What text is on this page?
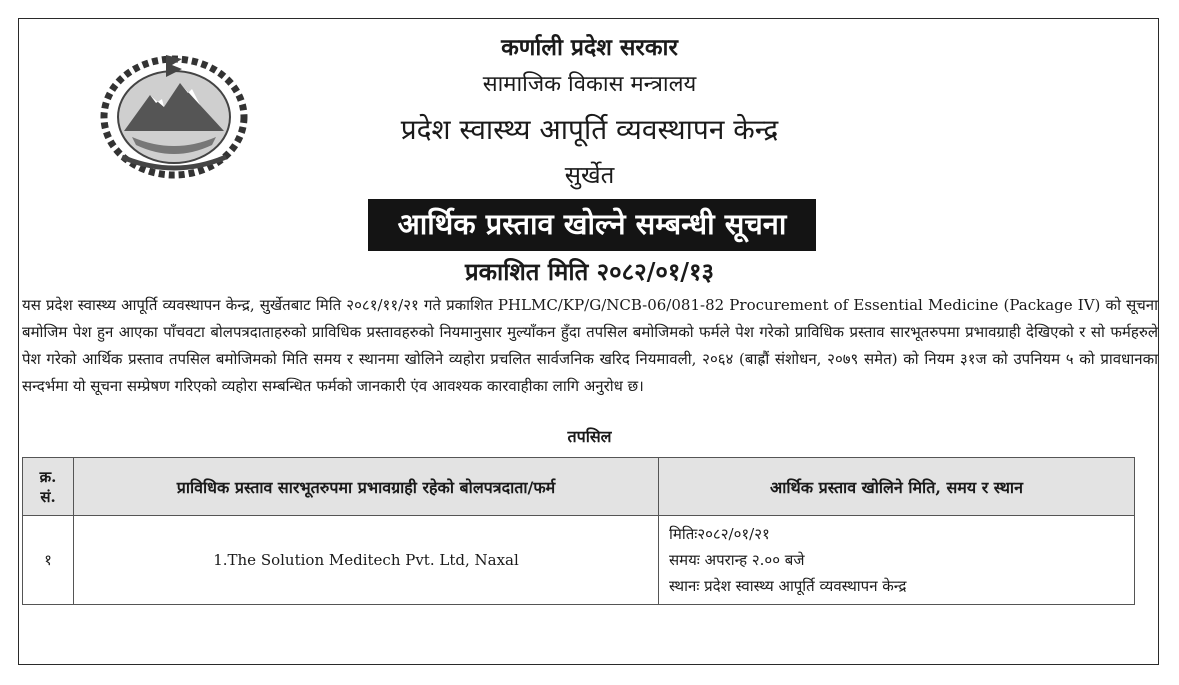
कर्णाली प्रदेश सरकार
सामाजिक विकास मन्त्रालय
प्रदेश स्वास्थ्य आपूर्ति व्यवस्थापन केन्द्र
सुर्खेत
आर्थिक प्रस्ताव खोल्ने सम्बन्धी सूचना
प्रकाशित मिति २०८२/०१/१३
यस प्रदेश स्वास्थ्य आपूर्ति व्यवस्थापन केन्द्र, सुर्खेतबाट मिति २०८१/११/२१ गते प्रकाशित PHLMC/KP/G/NCB-06/081-82 Procurement of Essential Medicine (Package IV) को सूचना बमोजिम पेश हुन आएका पाँचवटा बोलपत्रदाताहरुको प्राविधिक प्रस्तावहरुको नियमानुसार मुल्याँकन हुँदा तपसिल बमोजिमको फर्मले पेश गरेको प्राविधिक प्रस्ताव सारभूतरुपमा प्रभावग्राही देखिएको र सो फर्महरुले पेश गरेको आर्थिक प्रस्ताव तपसिल बमोजिमको मिति समय र स्थानमा खोलिने व्यहोरा प्रचलित सार्वजनिक खरिद नियमावली, २०६४ (बाह्रौं संशोधन, २०७९ समेत) को नियम ३१ज को उपनियम ५ को प्रावधानका सन्दर्भमा यो सूचना सम्प्रेषण गरिएको व्यहोरा सम्बन्धित फर्मको जानकारी एंव आवश्यक कारवाहीका लागि अनुरोध छ।
तपसिल
क्र.
सं.	प्राविधिक प्रस्ताव सारभूतरुपमा प्रभावग्राही रहेको बोलपत्रदाता/फर्म	आर्थिक प्रस्ताव खोलिने मिति, समय र स्थान
१	1.The Solution Meditech Pvt. Ltd, Naxal	मितिः२०८२/०१/२१
समयः अपरान्ह २.०० बजे
स्थानः प्रदेश स्वास्थ्य आपूर्ति व्यवस्थापन केन्द्र
